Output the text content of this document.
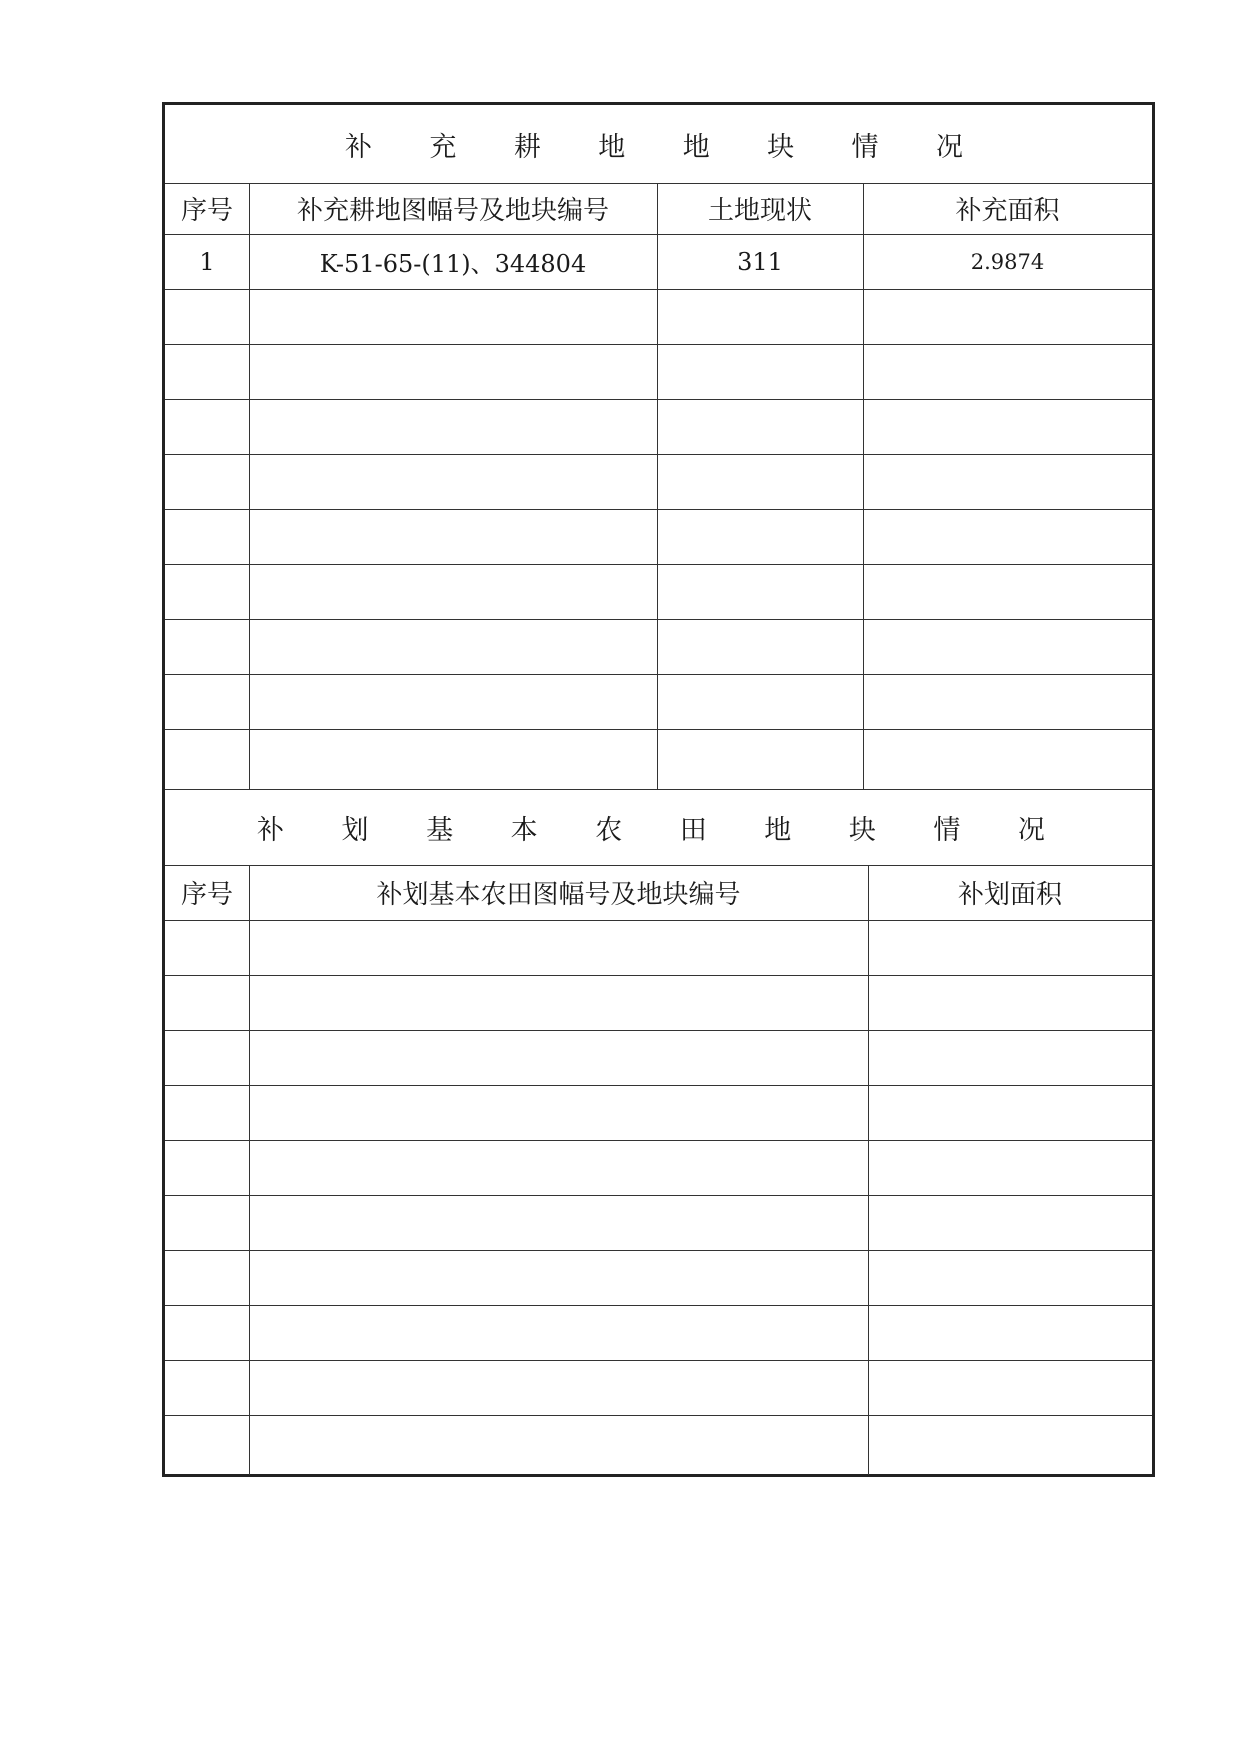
补 充 耕 地 地 块 情 况
序号	补充耕地图幅号及地块编号	土地现状	补充面积
1	K-51-65-(11)、344804	311	2.9874
补 划 基 本 农 田 地 块 情 况
序号	补划基本农田图幅号及地块编号	补划面积
